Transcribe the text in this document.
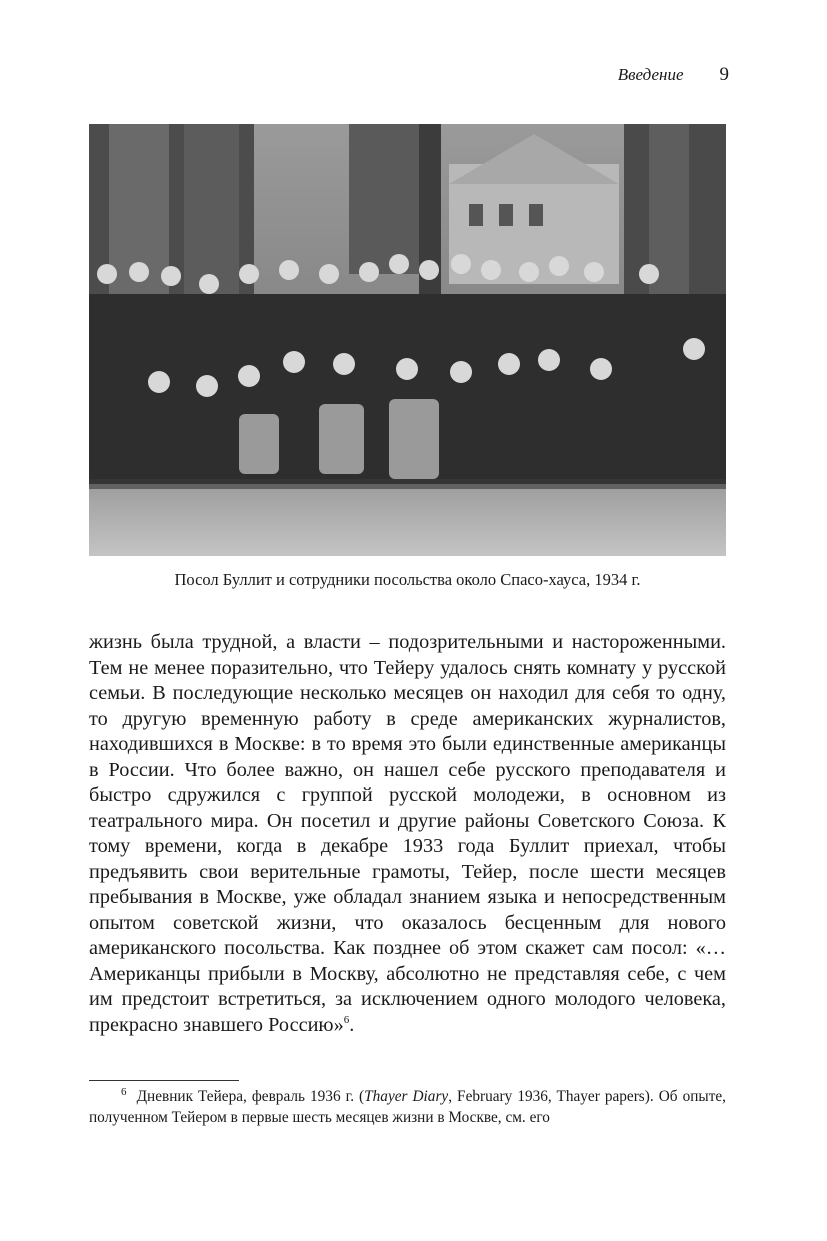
Введение 9
Посол Буллит и сотрудники посольства около Спасо-хауса, 1934 г.

жизнь была трудной, а власти – подозрительными и настороженными. Тем не менее поразительно, что Тейеру удалось снять комнату у русской семьи. В последующие несколько месяцев он находил для себя то одну, то другую временную работу в среде американских журналистов, находившихся в Москве: в то время это были единственные американцы в России. Что более важно, он нашел себе русского преподавателя и быстро сдружился с группой русской молодежи, в основном из театрального мира. Он посетил и другие районы Советского Союза. К тому времени, когда в декабре 1933 года Буллит приехал, чтобы предъявить свои верительные грамоты, Тейер, после шести месяцев пребывания в Москве, уже обладал знанием языка и непосредственным опытом советской жизни, что оказалось бесценным для нового американского посольства. Как позднее об этом скажет сам посол: «…Американцы прибыли в Москву, абсолютно не представляя себе, с чем им предстоит встретиться, за исключением одного молодого человека, прекрасно знавшего Россию»$^6$.

$^6$ Дневник Тейера, февраль 1936 г. (Thayer Diary, February 1936, Thayer papers). Об опыте, полученном Тейером в первые шесть месяцев жизни в Москве, см. его
